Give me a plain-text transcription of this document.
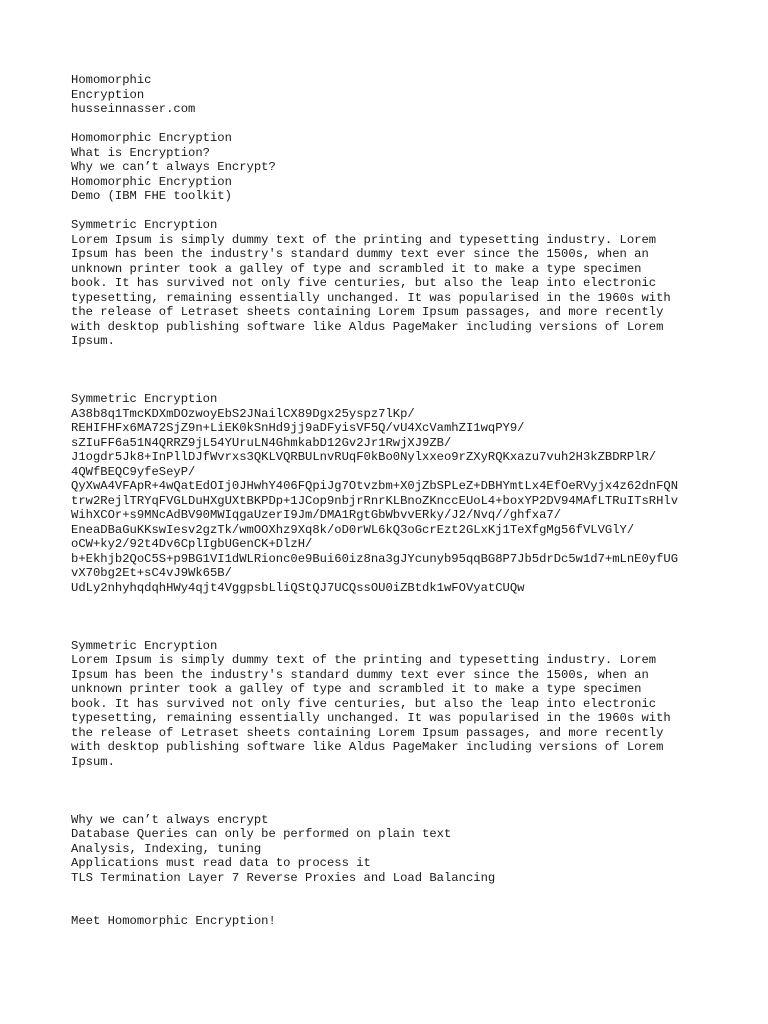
Homomorphic
Encryption
husseinnasser.com
Homomorphic Encryption
What is Encryption?
Why we can’t always Encrypt?
Homomorphic Encryption
Demo (IBM FHE toolkit)
Symmetric Encryption
Lorem Ipsum is simply dummy text of the printing and typesetting industry. Lorem
Ipsum has been the industry's standard dummy text ever since the 1500s, when an
unknown printer took a galley of type and scrambled it to make a type specimen
book. It has survived not only five centuries, but also the leap into electronic
typesetting, remaining essentially unchanged. It was popularised in the 1960s with
the release of Letraset sheets containing Lorem Ipsum passages, and more recently
with desktop publishing software like Aldus PageMaker including versions of Lorem
Ipsum.
Symmetric Encryption
A38b8q1TmcKDXmDOzwoyEbS2JNailCX89Dgx25yspz7lKp/
REHIFHFx6MA72SjZ9n+LiEK0kSnHd9jj9aDFyisVF5Q/vU4XcVamhZI1wqPY9/
sZIuFF6a51N4QRRZ9jL54YUruLN4GhmkabD12Gv2Jr1RwjXJ9ZB/
J1ogdr5Jk8+InPllDJfWvrxs3QKLVQRBULnvRUqF0kBo0Nylxxeo9rZXyRQKxazu7vuh2H3kZBDRPlR/
4QWfBEQC9yfeSeyP/
QyXwA4VFApR+4wQatEdOIj0JHwhY406FQpiJg7Otvzbm+X0jZbSPLeZ+DBHYmtLx4EfOeRVyjx4z62dnFQN
trw2RejlTRYqFVGLDuHXgUXtBKPDp+1JCop9nbjrRnrKLBnoZKnccEUoL4+boxYP2DV94MAfLTRuITsRHlv
WihXCOr+s9MNcAdBV90MWIqgaUzerI9Jm/DMA1RgtGbWbvvERky/J2/Nvq//ghfxa7/
EneaDBaGuKKswIesv2gzTk/wmOOXhz9Xq8k/oD0rWL6kQ3oGcrEzt2GLxKj1TeXfgMg56fVLVGlY/
oCW+ky2/92t4Dv6CplIgbUGenCK+DlzH/
b+Ekhjb2QoC5S+p9BG1VI1dWLRionc0e9Bui60iz8na3gJYcunyb95qqBG8P7Jb5drDc5w1d7+mLnE0yfUG
vX70bg2Et+sC4vJ9Wk65B/
UdLy2nhyhqdqhHWy4qjt4VggpsbLliQStQJ7UCQssOU0iZBtdk1wFOVyatCUQw
Symmetric Encryption
Lorem Ipsum is simply dummy text of the printing and typesetting industry. Lorem
Ipsum has been the industry's standard dummy text ever since the 1500s, when an
unknown printer took a galley of type and scrambled it to make a type specimen
book. It has survived not only five centuries, but also the leap into electronic
typesetting, remaining essentially unchanged. It was popularised in the 1960s with
the release of Letraset sheets containing Lorem Ipsum passages, and more recently
with desktop publishing software like Aldus PageMaker including versions of Lorem
Ipsum.
Why we can’t always encrypt
Database Queries can only be performed on plain text
Analysis, Indexing, tuning
Applications must read data to process it
TLS Termination Layer 7 Reverse Proxies and Load Balancing
Meet Homomorphic Encryption!
